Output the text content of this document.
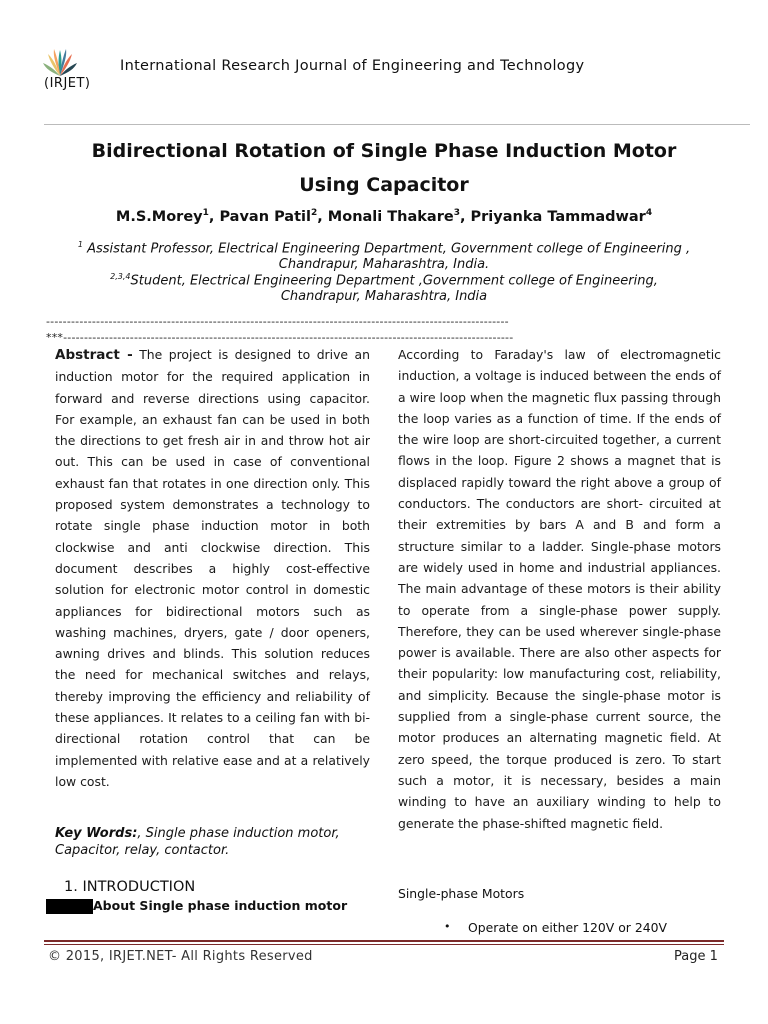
(IRJET)
International Research Journal of Engineering and Technology
Bidirectional Rotation of Single Phase Induction Motor
Using Capacitor
M.S.Morey$^1$, Pavan Patil$^2$, Monali Thakare$^3$, Priyanka Tammadwar$^4$
$^1$ Assistant Professor, Electrical Engineering Department, Government college of Engineering ,
Chandrapur, Maharashtra, India.
$^{2,3,4}$Student, Electrical Engineering Department ,Government college of Engineering,
Chandrapur, Maharashtra, India
---------------------------------------------------------------------------------------------------------------
***------------------------------------------------------------------------------------------------------------
Abstract - The project is designed to drive an induction motor for the required application in forward and reverse directions using capacitor. For example, an exhaust fan can be used in both the directions to get fresh air in and throw hot air out. This can be used in case of conventional exhaust fan that rotates in one direction only. This proposed system demonstrates a technology to rotate single phase induction motor in both clockwise and anti clockwise direction. This document describes a highly cost-effective solution for electronic motor control in domestic appliances for bidirectional motors such as washing machines, dryers, gate / door openers, awning drives and blinds. This solution reduces the need for mechanical switches and relays, thereby improving the efficiency and reliability of these appliances. It relates to a ceiling fan with bi-directional rotation control that can be implemented with relative ease and at a relatively low cost.
Key Words:, Single phase induction motor, Capacitor, relay, contactor.
1. INTRODUCTION
About Single phase induction motor
According to Faraday's law of electromagnetic induction, a voltage is induced between the ends of a wire loop when the magnetic flux passing through the loop varies as a function of time. If the ends of the wire loop are short-circuited together, a current flows in the loop. Figure 2 shows a magnet that is displaced rapidly toward the right above a group of conductors. The conductors are short- circuited at their extremities by bars A and B and form a structure similar to a ladder. Single-phase motors are widely used in home and industrial appliances. The main advantage of these motors is their ability to operate from a single-phase power supply. Therefore, they can be used wherever single-phase power is available. There are also other aspects for their popularity: low manufacturing cost, reliability, and simplicity. Because the single-phase motor is supplied from a single-phase current source, the motor produces an alternating magnetic field. At zero speed, the torque produced is zero. To start such a motor, it is necessary, besides a main winding to have an auxiliary winding to help to generate the phase-shifted magnetic field.
Single-phase Motors
• Operate on either 120V or 240V
© 2015, IRJET.NET- All Rights Reserved	Page 1
